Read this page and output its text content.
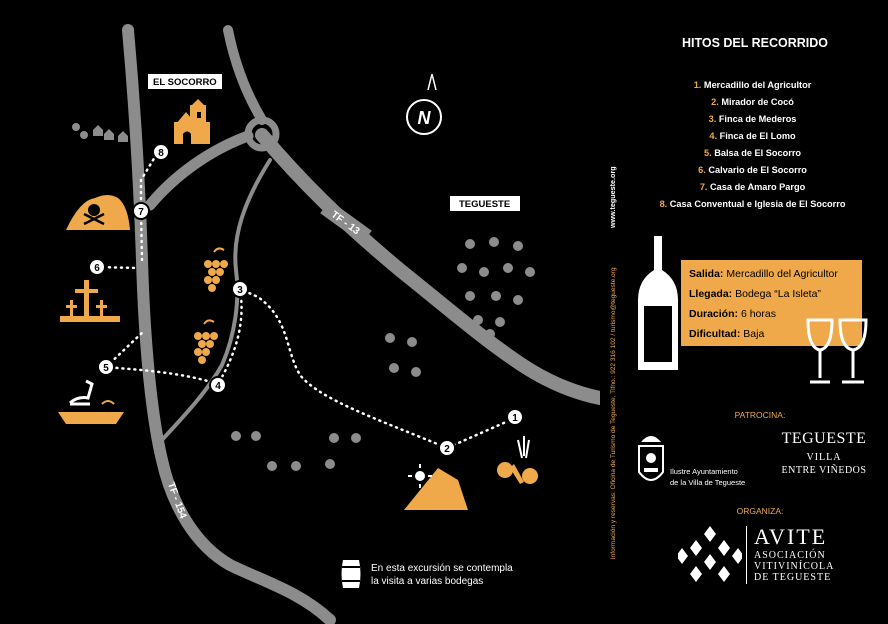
TF - 13
TF - 154
EL SOCORRO
TEGUESTE
N
1
2
3
4
5
6
7
8
En esta excursión se contempla
la visita a varias bodegas
www.tegueste.org
Información y reservas: Oficina de Turismo de Tegueste, Tlfno.: 922 316 102 / turismo@tegueste.org
HITOS DEL RECORRIDO
1. Mercadillo del Agricultor
2. Mirador de Cocó
3. Finca de Mederos
4. Finca de El Lomo
5. Balsa de El Socorro
6. Calvario de El Socorro
7. Casa de Amaro Pargo
8. Casa Conventual e Iglesia de El Socorro
Salida: Mercadillo del Agricultor
Llegada: Bodega “La Isleta”
Duración: 6 horas
Dificultad: Baja
PATROCINA:
Ilustre Ayuntamiento
de la Villa de Tegueste
TEGUESTE
VILLA
ENTRE VIÑEDOS
ORGANIZA:
AVITE
ASOCIACIÓN
VITIVINÍCOLA
DE TEGUESTE
